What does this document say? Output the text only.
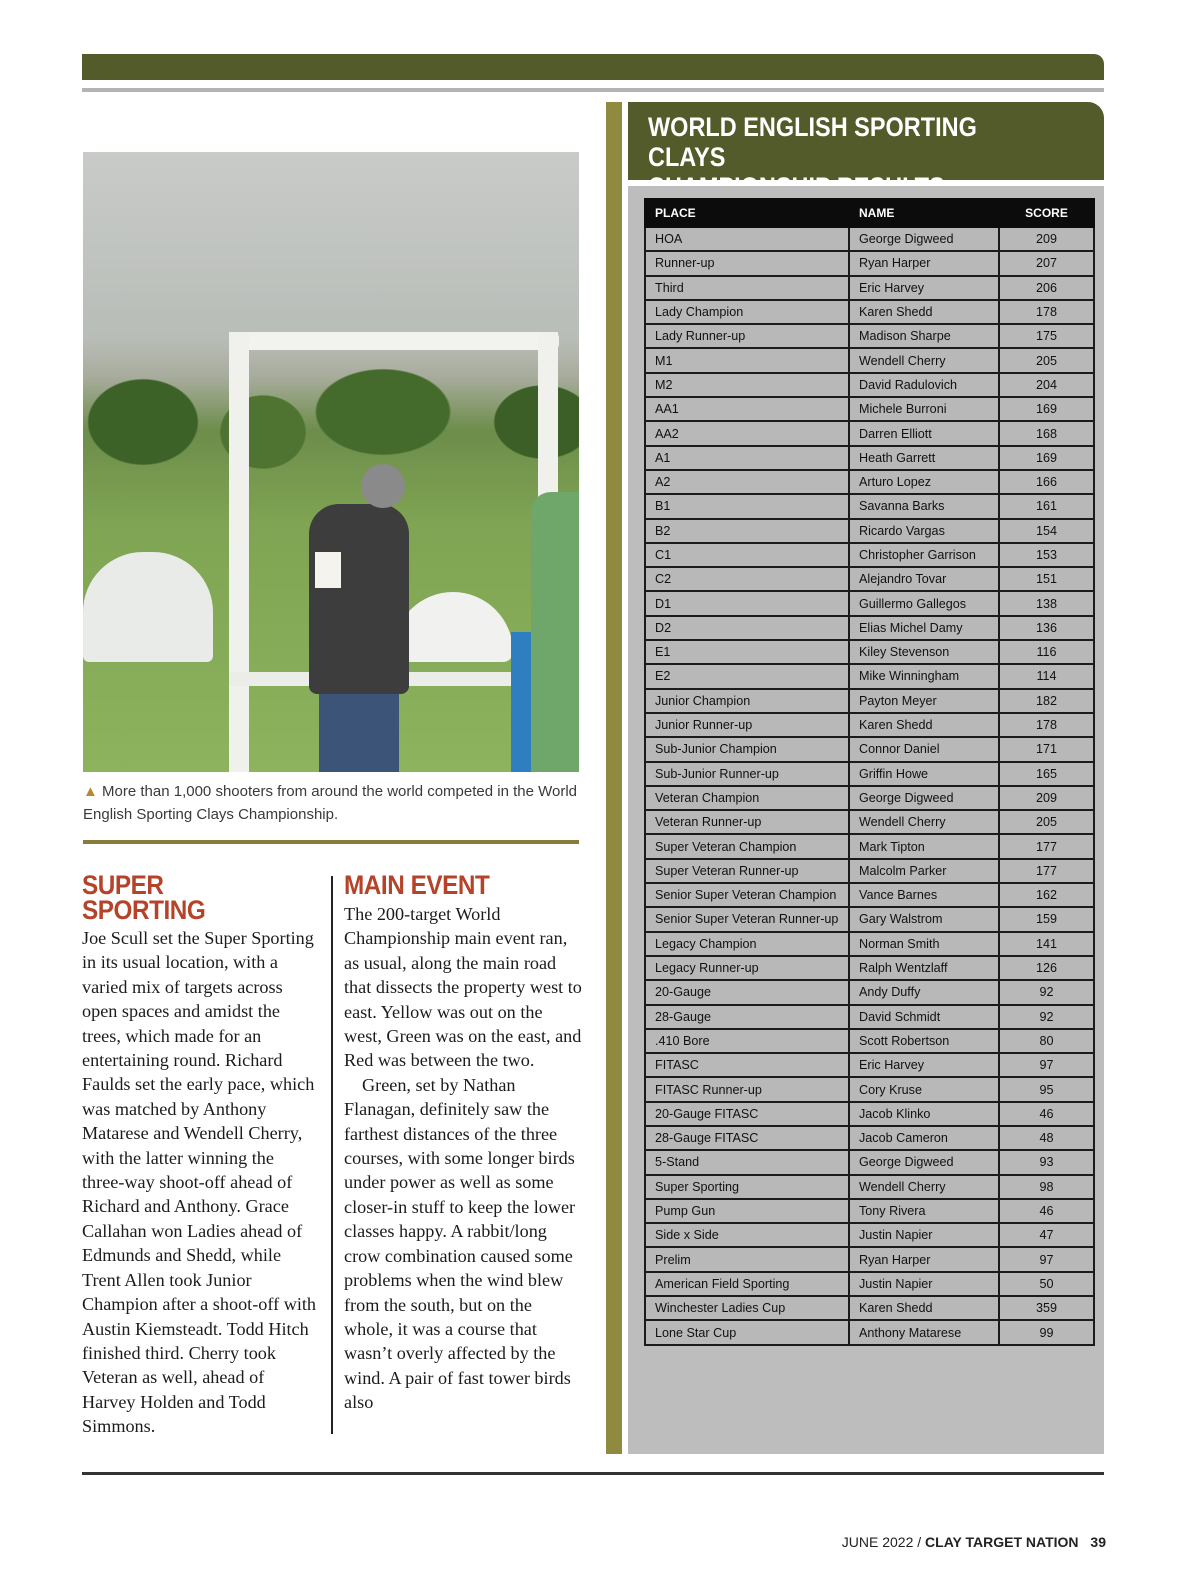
▲ More than 1,000 shooters from around the world competed in the World English Sporting Clays Championship.
SUPER
SPORTING

Joe Scull set the Super Sporting in its usual location, with a varied mix of targets across open spaces and amidst the trees, which made for an entertaining round. Richard Faulds set the early pace, which was matched by Anthony Matarese and Wendell Cherry, with the latter winning the three-way shoot-off ahead of Richard and Anthony. Grace Callahan won Ladies ahead of Edmunds and Shedd, while Trent Allen took Junior Champion after a shoot-off with Austin Kiemsteadt. Todd Hitch finished third. Cherry took Veteran as well, ahead of Harvey Holden and Todd Simmons.

MAIN EVENT

The 200-target World Championship main event ran, as usual, along the main road that dissects the property west to east. Yellow was out on the west, Green was on the east, and Red was between the two.

Green, set by Nathan Flanagan, definitely saw the farthest distances of the three courses, with some longer birds under power as well as some closer-in stuff to keep the lower classes happy. A rabbit/long crow combination caused some problems when the wind blew from the south, but on the whole, it was a course that wasn’t overly affected by the wind. A pair of fast tower birds also

WORLD ENGLISH SPORTING CLAYS

PLACE	NAME	SCORE
HOA	George Digweed	209
Runner-up	Ryan Harper	207
Third	Eric Harvey	206
Lady Champion	Karen Shedd	178
Lady Runner-up	Madison Sharpe	175
M1	Wendell Cherry	205
M2	David Radulovich	204
AA1	Michele Burroni	169
AA2	Darren Elliott	168
A1	Heath Garrett	169
A2	Arturo Lopez	166
B1	Savanna Barks	161
B2	Ricardo Vargas	154
C1	Christopher Garrison	153
C2	Alejandro Tovar	151
D1	Guillermo Gallegos	138
D2	Elias Michel Damy	136
E1	Kiley Stevenson	116
E2	Mike Winningham	114
Junior Champion	Payton Meyer	182
Junior Runner-up	Karen Shedd	178
Sub-Junior Champion	Connor Daniel	171
Sub-Junior Runner-up	Griffin Howe	165
Veteran Champion	George Digweed	209
Veteran Runner-up	Wendell Cherry	205
Super Veteran Champion	Mark Tipton	177
Super Veteran Runner-up	Malcolm Parker	177
Senior Super Veteran Champion	Vance Barnes	162
Senior Super Veteran Runner-up	Gary Walstrom	159
Legacy Champion	Norman Smith	141
Legacy Runner-up	Ralph Wentzlaff	126
20-Gauge	Andy Duffy	92
28-Gauge	David Schmidt	92
.410 Bore	Scott Robertson	80
FITASC	Eric Harvey	97
FITASC Runner-up	Cory Kruse	95
20-Gauge FITASC	Jacob Klinko	46
28-Gauge FITASC	Jacob Cameron	48
5-Stand	George Digweed	93
Super Sporting	Wendell Cherry	98
Pump Gun	Tony Rivera	46
Side x Side	Justin Napier	47
Prelim	Ryan Harper	97
American Field Sporting	Justin Napier	50
Winchester Ladies Cup	Karen Shedd	359
Lone Star Cup	Anthony Matarese	99
JUNE 2022 / CLAY TARGET NATION 39
